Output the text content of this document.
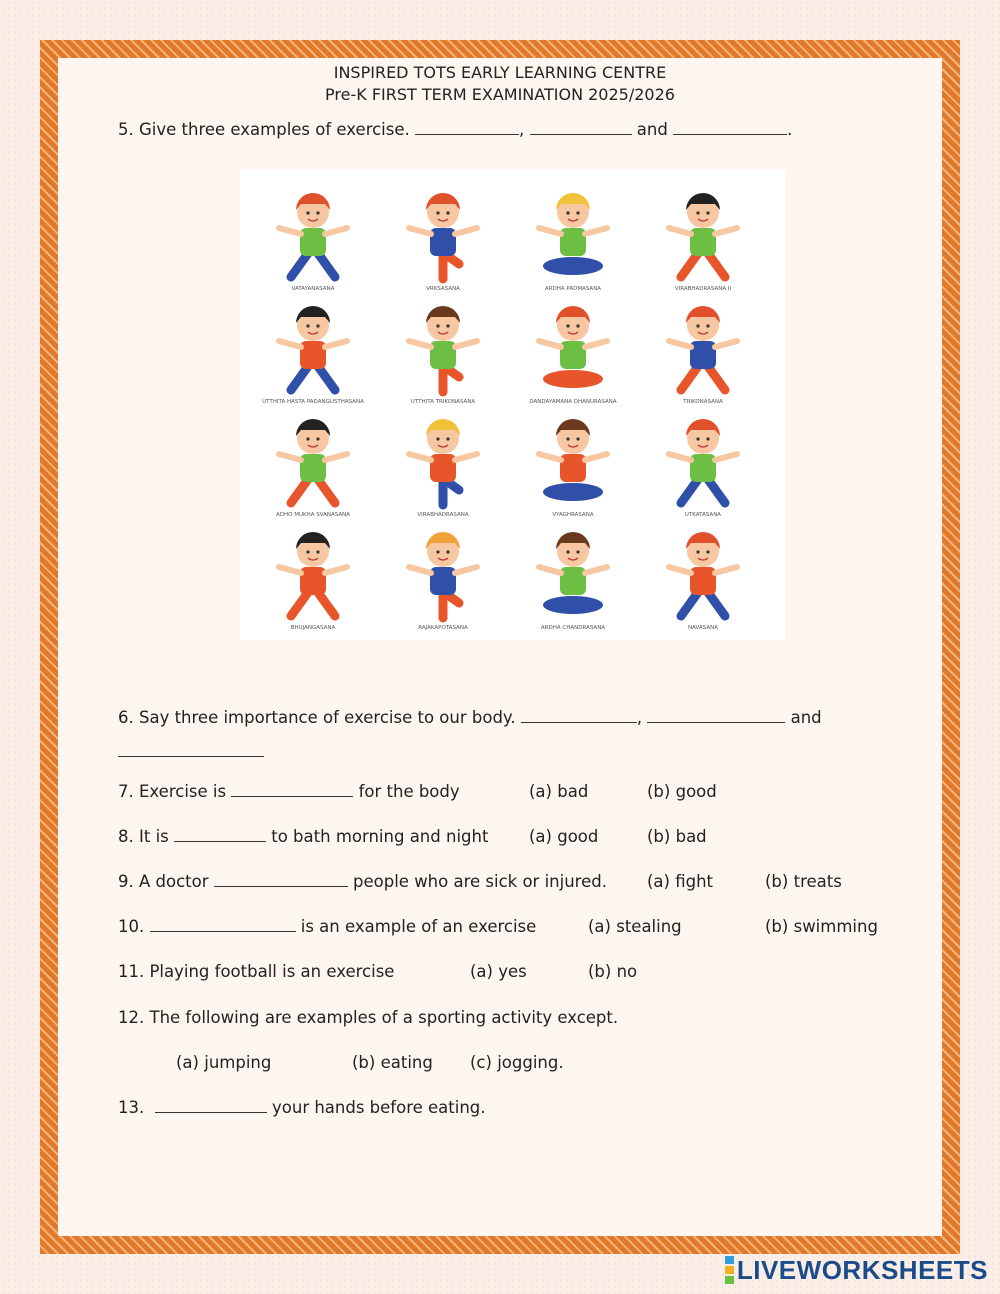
INSPIRED TOTS EARLY LEARNING CENTRE
Pre-K FIRST TERM EXAMINATION 2025/2026
5. Give three examples of exercise.	,	and	.
VATAYANASANA	VRKSASANA	ARDHA PADMASANA	VIRABHADRASANA II
UTTHITA HASTA PADANGUSTHASANA	UTTHITA TRIKONASANA	DANDAYAMANA DHANURASANA	TRIKONASANA
ADHO MUKHA SVANASANA	VIRABHADRASANA	VYAGHRASANA	UTKATASANA
BHUJANGASANA	RAJAKAPOTASANA	ARDHA CHANDRASANA	NAVASANA
6. Say three importance of exercise to our body.	,	and
7. Exercise is	for the body	(a) bad	(b) good
8. It is	to bath morning and night (a) good	(b) bad
9. A doctor	people who are sick or injured. (a) fight	(b) treats
10.	is an example of an exercise	(a) stealing	(b) swimming
11. Playing football is an exercise	(a) yes	(b) no
12. The following are examples of a sporting activity except.
(a) jumping	(b) eating (c) jogging.
13.	your hands before eating.
LIVEWORKSHEETS
